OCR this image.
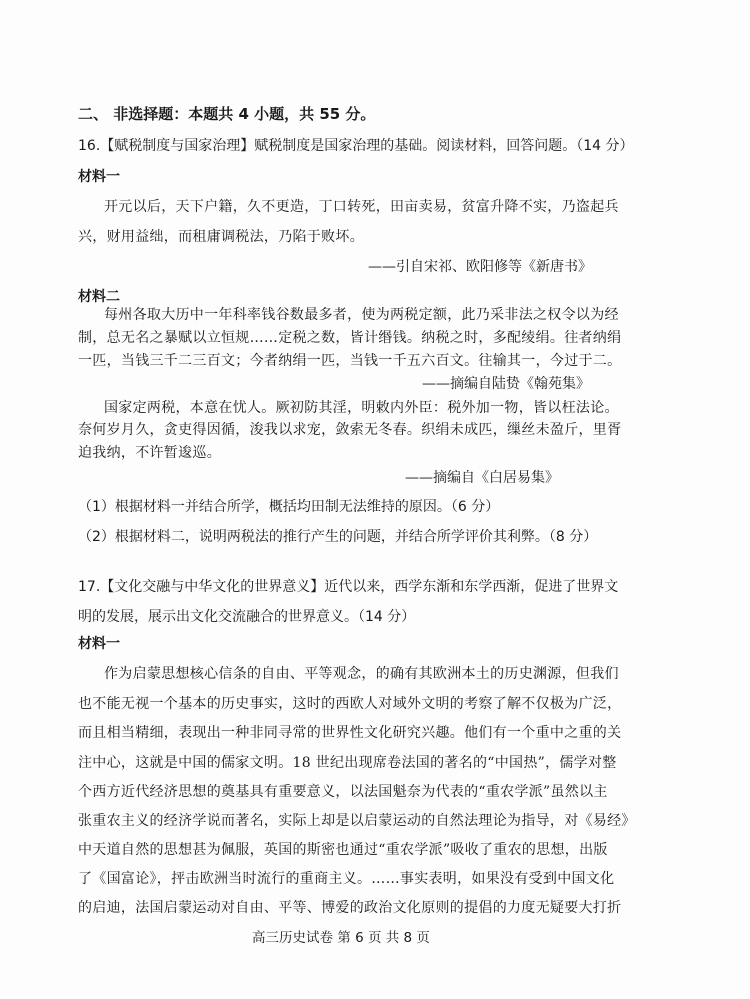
二、 非选择题：本题共 4 小题，共 55 分。
16.【赋税制度与国家治理】赋税制度是国家治理的基础。阅读材料，回答问题。（14 分）
材料一
开元以后，天下户籍，久不更造，丁口转死，田亩卖易，贫富升降不实，乃盗起兵
兴，财用益绌，而租庸调税法，乃陷于败坏。
——引自宋祁、欧阳修等《新唐书》
材料二
每州各取大历中一年科率钱谷数最多者，使为两税定额，此乃采非法之权令以为经
制，总无名之暴赋以立恒规……定税之数，皆计缗钱。纳税之时，多配绫绢。往者纳绢
一匹，当钱三千二三百文；今者纳绢一匹，当钱一千五六百文。往输其一，今过于二。
——摘编自陆贽《翰苑集》
国家定两税，本意在忧人。厥初防其淫，明敕内外臣：税外加一物，皆以枉法论。
奈何岁月久，贪吏得因循，浚我以求宠，敛索无冬春。织绢未成匹，缫丝未盈斤，里胥
迫我纳，不许暂逡巡。
——摘编自《白居易集》
（1）根据材料一并结合所学，概括均田制无法维持的原因。（6 分）
（2）根据材料二，说明两税法的推行产生的问题，并结合所学评价其利弊。（8 分）
17.【文化交融与中华文化的世界意义】近代以来，西学东渐和东学西渐，促进了世界文
明的发展，展示出文化交流融合的世界意义。（14 分）
材料一
作为启蒙思想核心信条的自由、平等观念，的确有其欧洲本土的历史渊源，但我们
也不能无视一个基本的历史事实，这时的西欧人对域外文明的考察了解不仅极为广泛，
而且相当精细，表现出一种非同寻常的世界性文化研究兴趣。他们有一个重中之重的关
注中心，这就是中国的儒家文明。18 世纪出现席卷法国的著名的“中国热”，儒学对整
个西方近代经济思想的奠基具有重要意义，以法国魁奈为代表的“重农学派”虽然以主
张重农主义的经济学说而著名，实际上却是以启蒙运动的自然法理论为指导，对《易经》
中天道自然的思想甚为佩服，英国的斯密也通过“重农学派”吸收了重农的思想，出版
了《国富论》，抨击欧洲当时流行的重商主义。……事实表明，如果没有受到中国文化
的启迪，法国启蒙运动对自由、平等、博爱的政治文化原则的提倡的力度无疑要大打折
高三历史试卷 第 6 页 共 8 页
